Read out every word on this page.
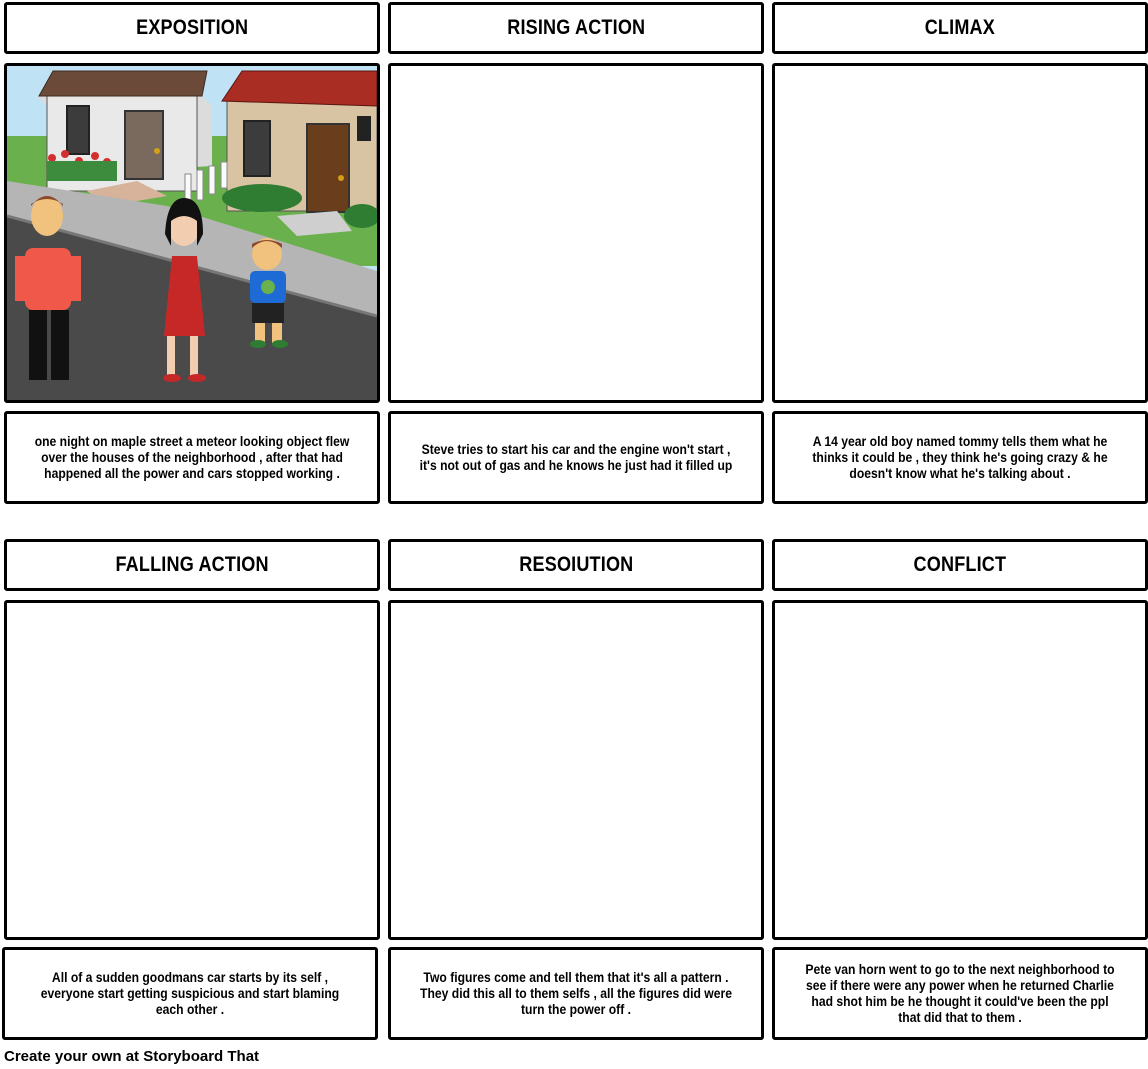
EXPOSITION	RISING ACTION	CLIMAX
one night on maple street a meteor looking object flew over the houses of the neighborhood , after that had happened all the power and cars stopped working .
Steve tries to start his car and the engine won't start , it's not out of gas and he knows he just had it filled up
A 14 year old boy named tommy tells them what he thinks it could be , they think he's going crazy & he doesn't know what he's talking about .
FALLING ACTION	RESOIUTION	CONFLICT
All of a sudden goodmans car starts by its self , everyone start getting suspicious and start blaming each other .
Two figures come and tell them that it's all a pattern . They did this all to them selfs , all the figures did were turn the power off .
Pete van horn went to go to the next neighborhood to see if there were any power when he returned Charlie had shot him be he thought it could've been the ppl that did that to them .
Create your own at Storyboard That
